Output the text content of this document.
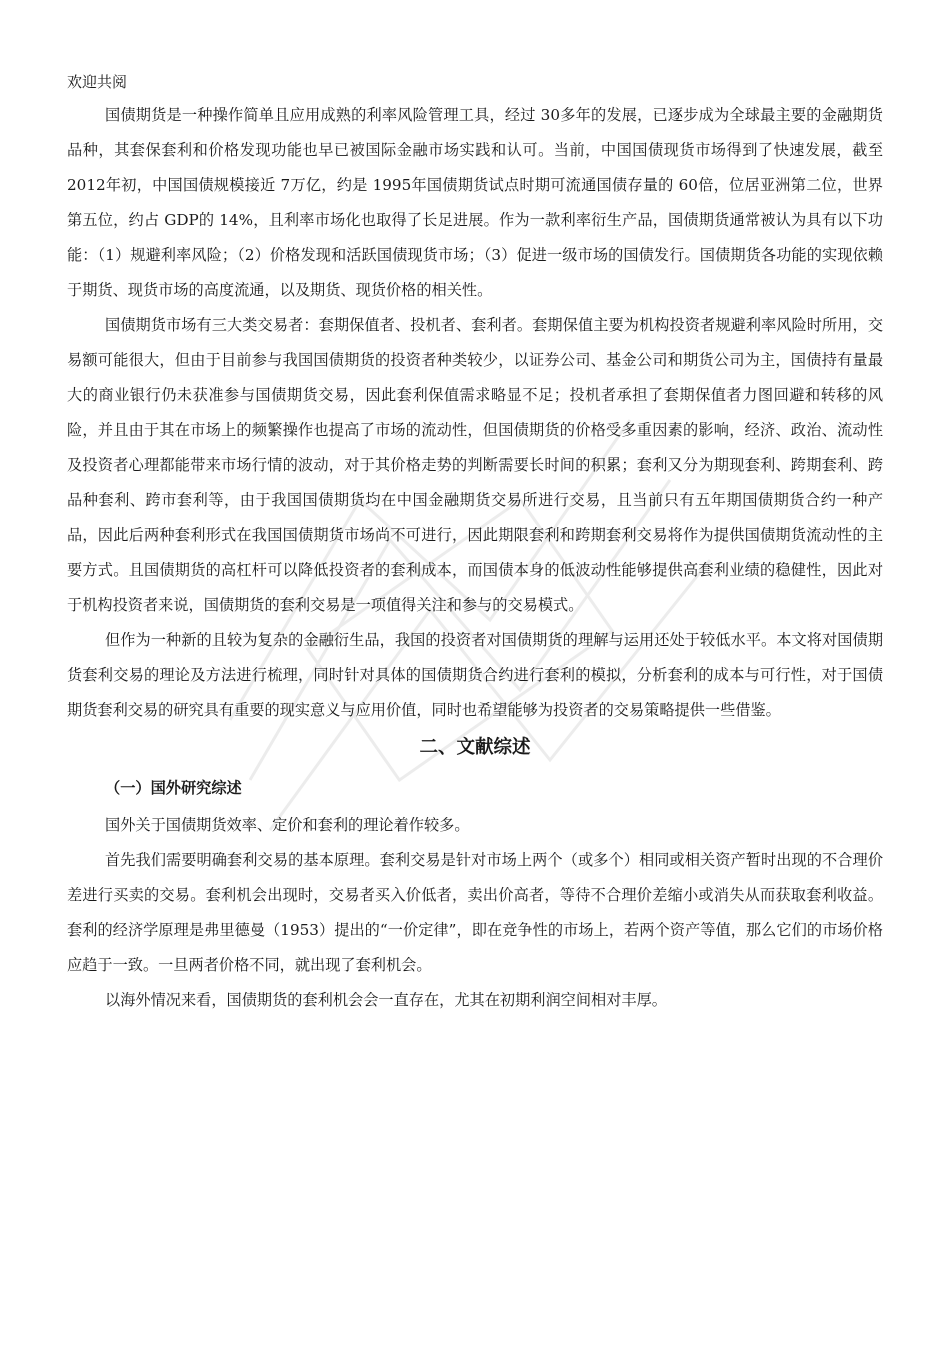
欢迎共阅

国债期货是一种操作简单且应用成熟的利率风险管理工具，经过 30多年的发展，已逐步成为全球最主要的金融期货品种，其套保套利和价格发现功能也早已被国际金融市场实践和认可。当前，中国国债现货市场得到了快速发展，截至 2012年初，中国国债规模接近 7万亿，约是 1995年国债期货试点时期可流通国债存量的 60倍，位居亚洲第二位，世界第五位，约占 GDP的 14%，且利率市场化也取得了长足进展。作为一款利率衍生产品，国债期货通常被认为具有以下功能：（1）规避利率风险；（2）价格发现和活跃国债现货市场；（3）促进一级市场的国债发行。国债期货各功能的实现依赖于期货、现货市场的高度流通，以及期货、现货价格的相关性。

国债期货市场有三大类交易者：套期保值者、投机者、套利者。套期保值主要为机构投资者规避利率风险时所用，交易额可能很大，但由于目前参与我国国债期货的投资者种类较少，以证券公司、基金公司和期货公司为主，国债持有量最大的商业银行仍未获准参与国债期货交易，因此套利保值需求略显不足；投机者承担了套期保值者力图回避和转移的风险，并且由于其在市场上的频繁操作也提高了市场的流动性，但国债期货的价格受多重因素的影响，经济、政治、流动性及投资者心理都能带来市场行情的波动，对于其价格走势的判断需要长时间的积累；套利又分为期现套利、跨期套利、跨品种套利、跨市套利等，由于我国国债期货均在中国金融期货交易所进行交易，且当前只有五年期国债期货合约一种产品，因此后两种套利形式在我国国债期货市场尚不可进行，因此期限套利和跨期套利交易将作为提供国债期货流动性的主要方式。且国债期货的高杠杆可以降低投资者的套利成本，而国债本身的低波动性能够提供高套利业绩的稳健性，因此对于机构投资者来说，国债期货的套利交易是一项值得关注和参与的交易模式。

但作为一种新的且较为复杂的金融衍生品，我国的投资者对国债期货的理解与运用还处于较低水平。本文将对国债期货套利交易的理论及方法进行梳理，同时针对具体的国债期货合约进行套利的模拟，分析套利的成本与可行性，对于国债期货套利交易的研究具有重要的现实意义与应用价值，同时也希望能够为投资者的交易策略提供一些借鉴。

二、文献综述
（一）国外研究综述

国外关于国债期货效率、定价和套利的理论着作较多。

首先我们需要明确套利交易的基本原理。套利交易是针对市场上两个（或多个）相同或相关资产暂时出现的不合理价差进行买卖的交易。套利机会出现时，交易者买入价低者，卖出价高者，等待不合理价差缩小或消失从而获取套利收益。套利的经济学原理是弗里德曼（1953）提出的“一价定律”，即在竞争性的市场上，若两个资产等值，那么它们的市场价格应趋于一致。一旦两者价格不同，就出现了套利机会。

以海外情况来看，国债期货的套利机会会一直存在，尤其在初期利润空间相对丰厚。
